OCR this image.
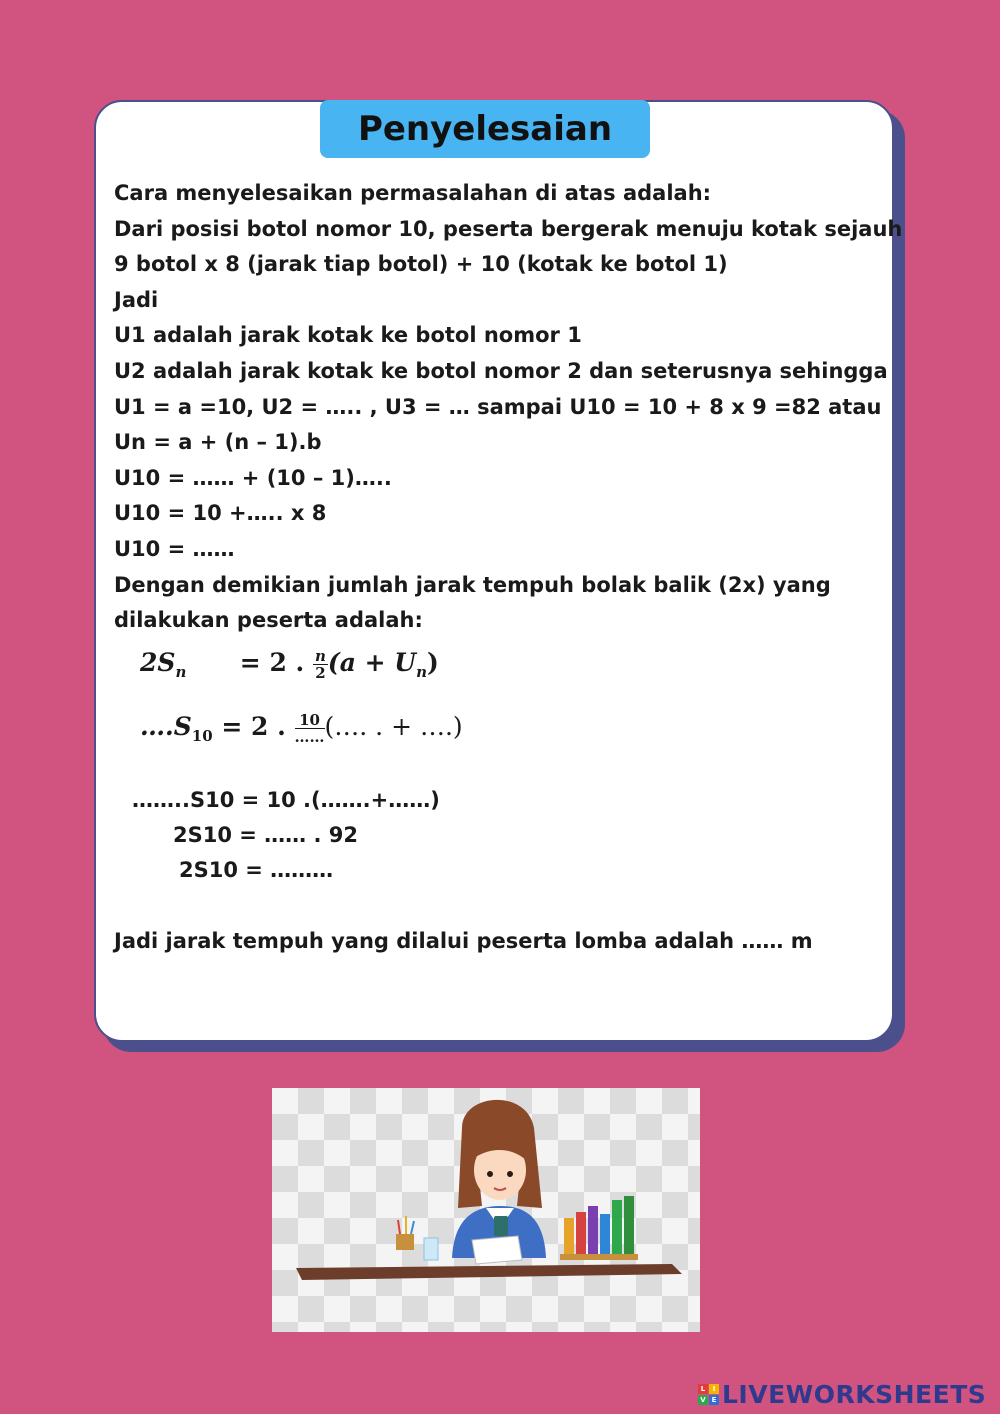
Penyelesaian

Cara menyelesaikan permasalahan di atas adalah:

Dari posisi botol nomor 10, peserta bergerak menuju kotak sejauh

9 botol x 8 (jarak tiap botol) + 10 (kotak ke botol 1)

Jadi

U1 adalah jarak kotak ke botol nomor 1

U2 adalah jarak kotak ke botol nomor 2 dan seterusnya sehingga

U1 = a =10, U2 = ….. , U3 = … sampai U10 = 10 + 8 x 9 =82 atau

Un = a + (n – 1).b

U10 = …… + (10 – 1)…..

U10 = 10 +….. x 8

U10 = ……

Dengan demikian jumlah jarak tempuh bolak balik (2x) yang

dilakukan peserta adalah:

$2S_n = 2$ . $\frac{n}{2} (a + U_n)$
$\dots.S_{10} = 2$ . $\frac{10}{\dots\dots}$ (…. . + ….)
……..S10 = 10 .(…….+……)
2S10 = …… . 92
2S10 = ………
Jadi jarak tempuh yang dilalui peserta lomba adalah …… m
L	I
V E LIVEWORKSHEETS
